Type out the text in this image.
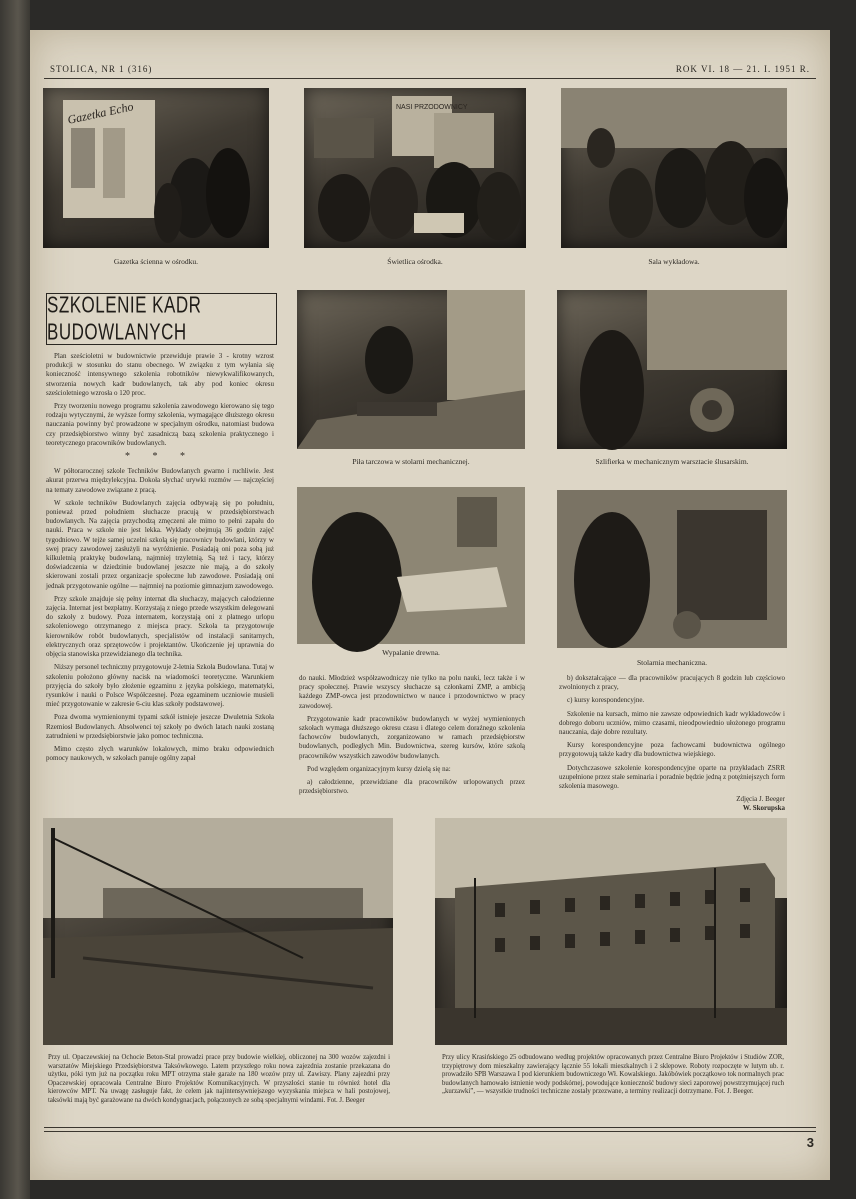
STOLICA, NR 1 (316)	ROK VI. 18 — 21. I. 1951 R.
Gazetka Echo
Gazetka ścienna w ośrodku.
NASI PRZODOWNICY
Świetlica ośrodka.	Sala wykładowa.
SZKOLENIE KADR BUDOWLANYCH
Piła tarczowa w stolarni mechanicznej.	Szlifierka w mechanicznym warsztacie ślusarskim.
Wypalanie drewna.
Stolarnia mechaniczna.

Plan sześcioletni w budownictwie przewiduje prawie 3 - krotny wzrost produkcji w stosunku do stanu obecnego. W związku z tym wyłania się konieczność intensywnego szkolenia robotników niewykwalifikowanych, stworzenia nowych kadr budowlanych, tak aby pod koniec okresu sześcioletniego wzrosła o 120 proc.

Przy tworzeniu nowego programu szkolenia zawodowego kierowano się tego rodzaju wytycznymi, że wyższe formy szkolenia, wymagające dłuższego okresu nauczania powinny być prowadzone w specjalnym ośrodku, natomiast budowa czy przedsiębiorstwo winny być zasadniczą bazą szkolenia praktycznego i teoretycznego pracowników budowlanych.

* * *

W półtorarocznej szkole Techników Budowlanych gwarno i ruchliwie. Jest akurat przerwa międzylekcyjna. Dokoła słychać urywki rozmów — najczęściej na tematy zawodowe związane z pracą.

W szkole techników Budowlanych zajęcia odbywają się po południu, ponieważ przed południem słuchacze pracują w przedsiębiorstwach budowlanych. Na zajęcia przychodzą zmęczeni ale mimo to pełni zapału do nauki. Praca w szkole nie jest lekka. Wykłady obejmują 36 godzin zajęć tygodniowo. W tejże samej uczelni szkolą się pracownicy budowlani, którzy w swej pracy zawodowej zasłużyli na wyróżnienie. Posiadają oni poza sobą już kilkuletnią praktykę budowlaną, najmniej trzyletnią. Są też i tacy, którzy doświadczenia w dziedzinie budowlanej jeszcze nie mają, a do szkoły skierowani zostali przez organizacje społeczne lub zawodowe. Posiadają oni jednak przygotowanie ogólne — najmniej na poziomie gimnazjum zawodowego.

Przy szkole znajduje się pełny internat dla słuchaczy, mających całodzienne zajęcia. Internat jest bezpłatny. Korzystają z niego przede wszystkim delegowani do szkoły z budowy. Poza internatem, korzystają oni z płatnego urlopu szkoleniowego otrzymanego z miejsca pracy. Szkoła ta przygotowuje kierowników robót budowlanych, specjalistów od instalacji sanitarnych, elektrycznych oraz sprzętowców i projektantów. Ukończenie jej uprawnia do objęcia stanowiska przewidzianego dla technika.

Niższy personel techniczny przygotowuje 2-letnia Szkoła Budowlana. Tutaj w szkoleniu położono główny nacisk na wiadomości teoretyczne. Warunkiem przyjęcia do szkoły było złożenie egzaminu z języka polskiego, matematyki, rysunków i nauki o Polsce Współczesnej. Poza egzaminem uczniowie musieli mieć przygotowanie w zakresie 6-ciu klas szkoły podstawowej.

Poza dwoma wymienionymi typami szkół istnieje jeszcze Dwuletnia Szkoła Rzemiosł Budowlanych. Absolwenci tej szkoły po dwóch latach nauki zostaną zatrudnieni w przedsiębiorstwie jako pomoc techniczna.

Mimo często złych warunków lokalowych, mimo braku odpowiednich pomocy naukowych, w szkołach panuje ogólny zapał

do nauki. Młodzież współzawodniczy nie tylko na polu nauki, lecz także i w pracy społecznej. Prawie wszyscy słuchacze są członkami ZMP, a ambicją każdego ZMP-owca jest przodownictwo w nauce i przodownictwo w pracy zawodowej.

Przygotowanie kadr pracowników budowlanych w wyżej wymienionych szkołach wymaga dłuższego okresu czasu i dlatego celem doraźnego szkolenia fachowców budowlanych, zorganizowano w ramach przedsiębiorstw budowlanych, podległych Min. Budownictwa, szereg kursów, które szkolą pracowników wszystkich zawodów budowlanych.

Pod względem organizacyjnym kursy dzielą się na:

a) całodzienne, przewidziane dla pracowników urlopowanych przez przedsiębiorstwo.

b) dokształcające — dla pracowników pracujących 8 godzin lub częściowo zwolnionych z pracy,

c) kursy korespondencyjne.

Szkolenie na kursach, mimo nie zawsze odpowiednich kadr wykładowców i dobrego doboru uczniów, mimo czasami, nieodpowiednio ułożonego programu nauczania, daje dobre rezultaty.

Kursy korespondencyjne poza fachowcami budownictwa ogólnego przygotowują także kadry dla budownictwa wiejskiego.

Dotychczasowe szkolenie korespondencyjne oparte na przykładach ZSRR uzupełnione przez stałe seminaria i poradnie będzie jedną z potężniejszych form szkolenia masowego.

Zdjęcia J. Beeger
W. Skorupska
Przy ul. Opaczewskiej na Ochocie Beton-Stal prowadzi prace przy budowie wielkiej, obliczonej na 300 wozów zajezdni i warsztatów Miejskiego Przedsiębiorstwa Taksówkowego. Latem przyszłego roku nowa zajezdnia zostanie przekazana do użytku, póki tym już na początku roku MPT otrzyma stałe garaże na 180 wozów przy ul. Zawiszy. Plany zajezdni przy Opaczewskiej opracowała Centralne Biuro Projektów Komunikacyjnych. W przyszłości stanie tu również hotel dla kierowców MPT. Na uwagę zasługuje fakt, że celem jak najintensywniejszego wyzyskania miejsca w hali postojowej, taksówki mają być garażowane na dwóch kondygnacjach, połączonych ze sobą specjalnymi windami. Fot. J. Beeger
Przy ulicy Krasińskiego 25 odbudowano według projektów opracowanych przez Centralne Biuro Projektów i Studiów ZOR, trzypiętrowy dom mieszkalny zawierający łącznie 55 lokali mieszkalnych i 2 sklepowe. Roboty rozpoczęte w lutym ub. r. prowadziło SPB Warszawa I pod kierunkiem budowniczego Wł. Kowalskiego. Jakóbówiek początkowo tok normalnych prac budowlanych hamowało istnienie wody podskórnej, powodujące konieczność budowy sieci zaporowej powstrzymującej ruch „kurzawki”, — wszystkie trudności techniczne zostały przezwane, a terminy realizacji dotrzymane. Fot. J. Beeger.
3
